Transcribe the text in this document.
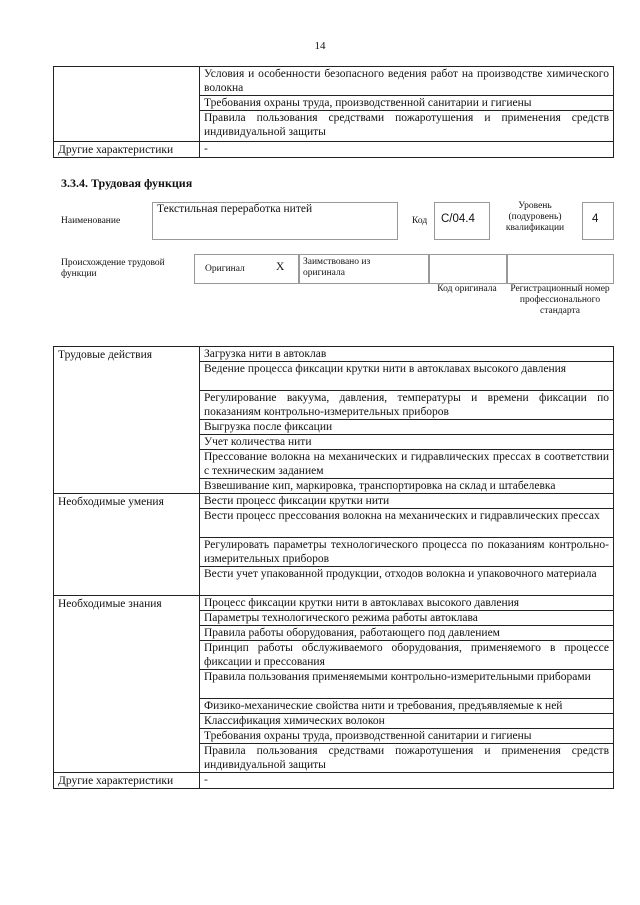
14
	Условия и особенности безопасного ведения работ на производстве химического волокна
	Требования охраны труда, производственной санитарии и гигиены
	Правила пользования средствами пожаротушения и применения средств индивидуальной защиты
Другие характеристики	-
3.3.4. Трудовая функция
Наименование
Текстильная переработка нитей
Код С/04.4
Уровень (подуровень) квалификации
4
Происхождение трудовой функции	Оригинал	X Заимствовано из оригинала
Код оригинала	Регистрационный номер профессионального стандарта
Трудовые действия	Загрузка нити в автоклав
	Ведение процесса фиксации крутки нити в автоклавах высокого давления
	Регулирование вакуума, давления, температуры и времени фиксации по показаниям контрольно-измерительных приборов
	Выгрузка после фиксации
	Учет количества нити
	Прессование волокна на механических и гидравлических прессах в соответствии с техническим заданием
	Взвешивание кип, маркировка, транспортировка на склад и штабелевка
Необходимые умения	Вести процесс фиксации крутки нити
	Вести процесс прессования волокна на механических и гидравлических прессах
	Регулировать параметры технологического процесса по показаниям контрольно-измерительных приборов
	Вести учет упакованной продукции, отходов волокна и упаковочного материала
Необходимые знания	Процесс фиксации крутки нити в автоклавах высокого давления
	Параметры технологического режима работы автоклава
	Правила работы оборудования, работающего под давлением
	Принцип работы обслуживаемого оборудования, применяемого в процессе фиксации и прессования
	Правила пользования применяемыми контрольно-измерительными приборами
	Физико-механические свойства нити и требования, предъявляемые к ней
	Классификация химических волокон
	Требования охраны труда, производственной санитарии и гигиены
	Правила пользования средствами пожаротушения и применения средств индивидуальной защиты
Другие характеристики	-
